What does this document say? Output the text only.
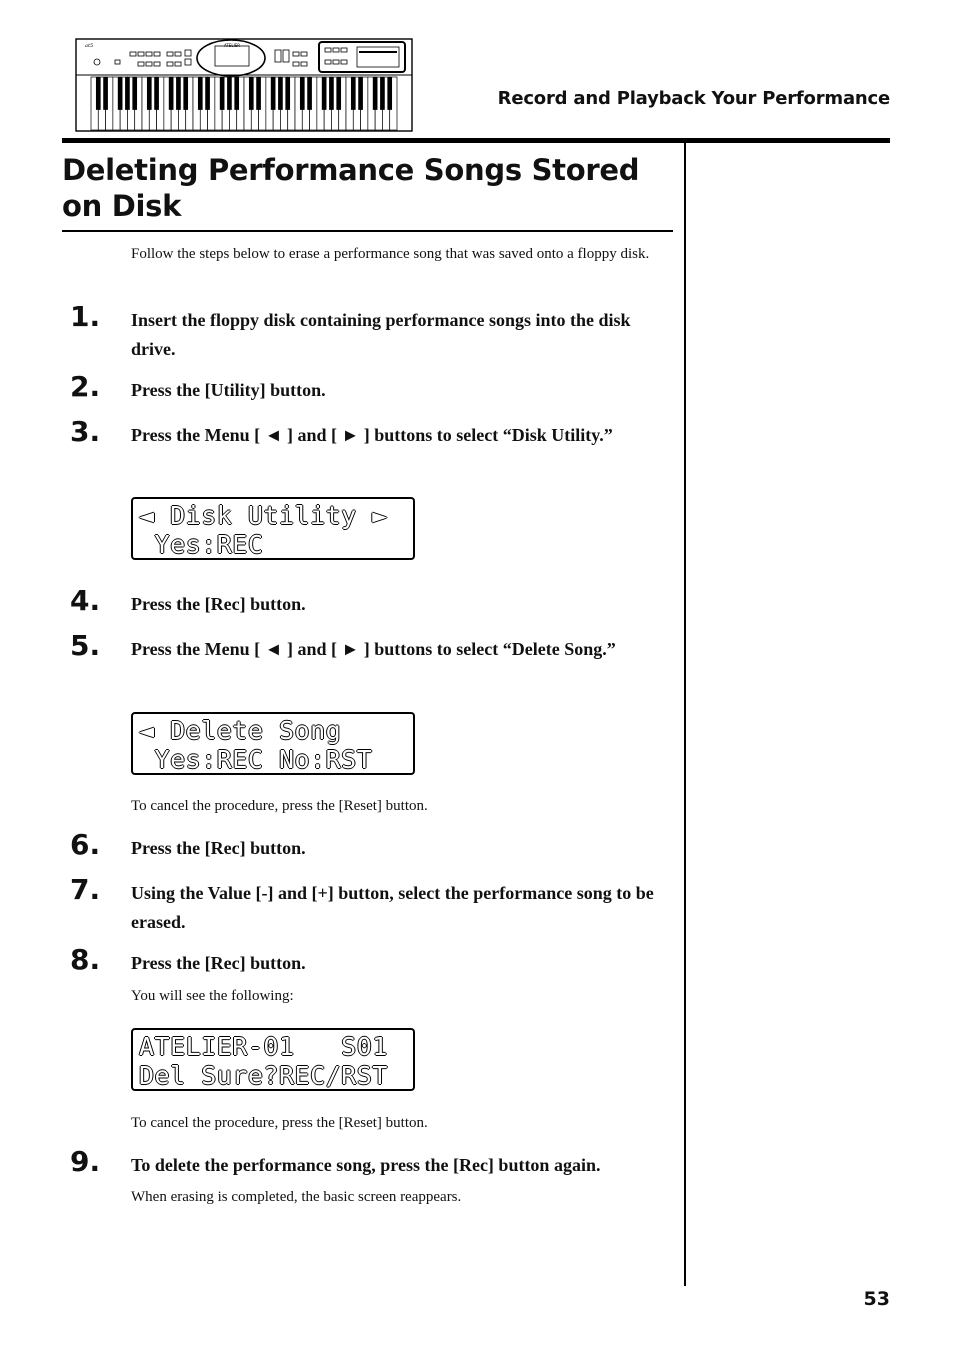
ATELIER
at5
Record and Playback Your Performance
Deleting Performance Songs Stored on Disk
Follow the steps below to erase a performance song that was saved onto a floppy disk.
1.	Insert the floppy disk containing performance songs into the disk drive.
2.	Press the [Utility] button.
3.	Press the Menu [ ◄ ] and [ ► ] buttons to select “Disk Utility.”
◄ Disk Utility ►
Yes:REC
4.	Press the [Rec] button.
5.	Press the Menu [ ◄ ] and [ ► ] buttons to select “Delete Song.”
◄ Delete Song
Yes:REC No:RST
To cancel the procedure, press the [Reset] button.
6.	Press the [Rec] button.
7.	Using the Value [-] and [+] button, select the performance song to be erased.
8.	Press the [Rec] button.
You will see the following:
ATELIER-01   S01
Del Sure?REC/RST
To cancel the procedure, press the [Reset] button.
9.	To delete the performance song, press the [Rec] button again.
When erasing is completed, the basic screen reappears.
53
